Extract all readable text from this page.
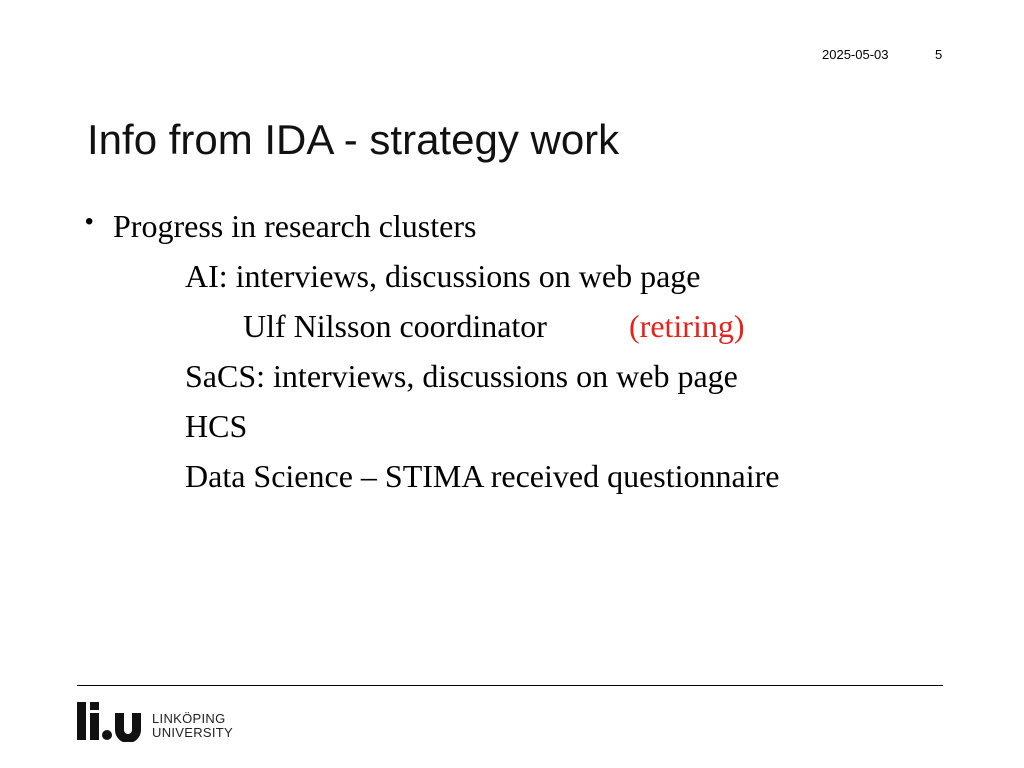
2025-05-03	5
Info from IDA - strategy work
• Progress in research clusters

AI: interviews, discussions on web page

Ulf Nilsson coordinator	(retiring)

SaCS: interviews, discussions on web page

HCS

Data Science – STIMA received questionnaire

LINKÖPING
UNIVERSITY
